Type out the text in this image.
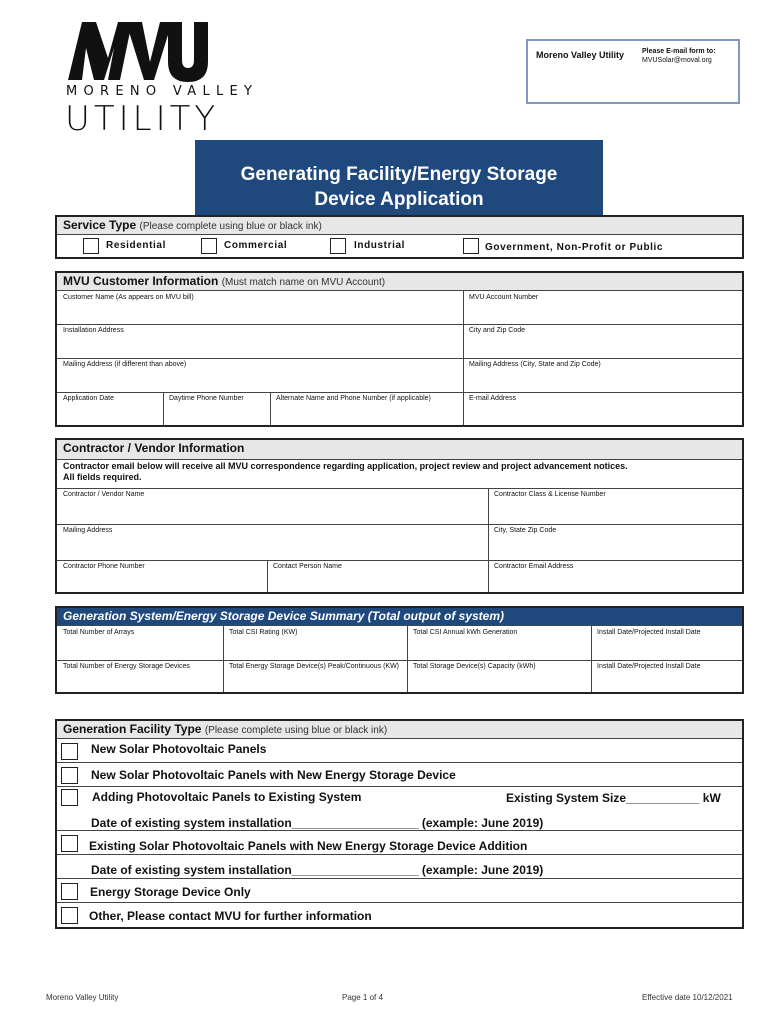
MORENO VALLEY
UTILITY
Moreno Valley Utility	Please E-mail form to:
MVUSolar@moval.org
Generating Facility/Energy Storage
Device Application
Service Type (Please complete using blue or black ink)
Residential	Commercial	Industrial	Government, Non-Profit or Public
MVU Customer Information (Must match name on MVU Account)
Customer Name (As appears on MVU bill)	MVU Account Number
Installation Address	City and Zip Code
Mailing Address (if different than above)	Mailing Address (City, State and Zip Code)
Application Date	Daytime Phone Number	Alternate Name and Phone Number (if applicable)	E-mail Address
Contractor / Vendor Information
Contractor email below will receive all MVU correspondence regarding application, project review and project advancement notices.
All fields required.
Contractor / Vendor Name	Contractor Class & License Number
Mailing Address	City, State Zip Code
Contractor Phone Number	Contact Person Name	Contractor Email Address
Generation System/Energy Storage Device Summary (Total output of system)
Total Number of Arrays	Total CSI Rating (KW)	Total CSI Annual kWh Generation	Install Date/Projected Install Date
Total Number of Energy Storage Devices	Total Energy Storage Device(s) Peak/Continuous (KW)	Total Storage Device(s) Capacity (kWh)	Install Date/Projected Install Date
Generation Facility Type (Please complete using blue or black ink)
New Solar Photovoltaic Panels
New Solar Photovoltaic Panels with New Energy Storage Device
Adding Photovoltaic Panels to Existing System	Existing System Size___________ kW
Date of existing system installation___________________ (example: June 2019)
Existing Solar Photovoltaic Panels with New Energy Storage Device Addition
Date of existing system installation___________________ (example: June 2019)
Energy Storage Device Only
Other, Please contact MVU for further information
Moreno Valley Utility	Page 1 of 4	Effective date 10/12/2021
